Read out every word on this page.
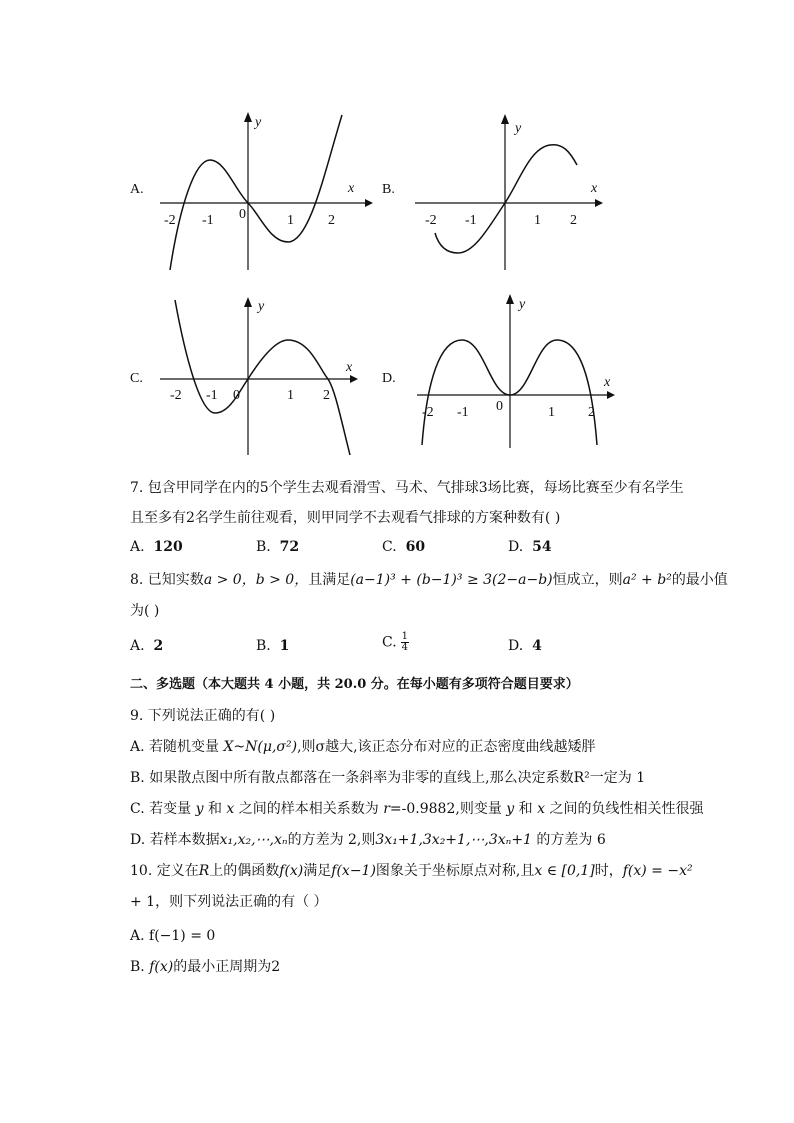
A.	x
y
-2 -1 0	1 2
B.	x
y
-2 -1	1 2
C.
x
y
-2 -1 0	1 2
D.	x
y
-2 -1 0	1 2
7. 包含甲同学在内的5个学生去观看滑雪、马术、气排球3场比赛，每场比赛至少有名学生
且至多有2名学生前往观看，则甲同学不去观看气排球的方案种数有( )
A. 120	B. 72	C. 60	D. 54
8. 已知实数a > 0，b > 0，且满足(a−1)³ + (b−1)³ ≥ 3(2−a−b)恒成立，则a² + b²的最小值
为( )
A. 2	B. 1	C. $\frac{1}{4}$	D. 4
二、多选题（本大题共 4 小题，共 20.0 分。在每小题有多项符合题目要求）
9. 下列说法正确的有( )
A. 若随机变量 X~N(μ,σ²),则σ越大,该正态分布对应的正态密度曲线越矮胖
B. 如果散点图中所有散点都落在一条斜率为非零的直线上,那么决定系数R²一定为 1
C. 若变量 y 和 x 之间的样本相关系数为 r=-0.9882,则变量 y 和 x 之间的负线性相关性很强
D. 若样本数据x₁,x₂,⋯,xₙ的方差为 2,则3x₁+1,3x₂+1,⋯,3xₙ+1 的方差为 6
10. 定义在R上的偶函数f(x)满足f(x−1)图象关于坐标原点对称,且x ∈ [0,1]时，f(x) = −x²
+ 1，则下列说法正确的有（ ）
A. f(−1) = 0
B. f(x)的最小正周期为2
